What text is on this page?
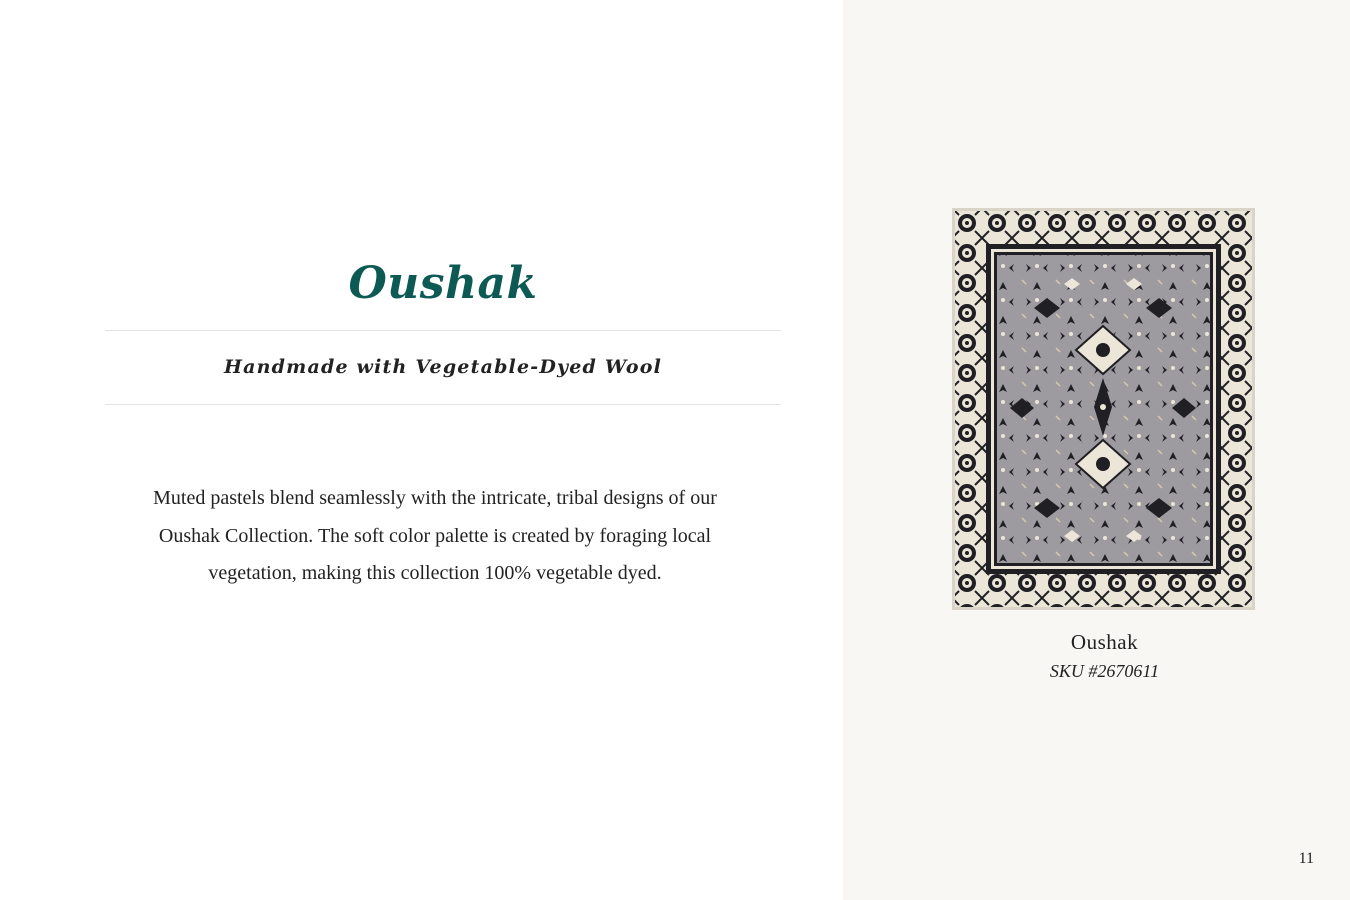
Oushak
Handmade with Vegetable-Dyed Wool

Muted pastels blend seamlessly with the intricate, tribal designs of our Oushak Collection. The soft color palette is created by foraging local vegetation, making this collection 100% vegetable dyed.

Oushak
SKU #2670611
11
